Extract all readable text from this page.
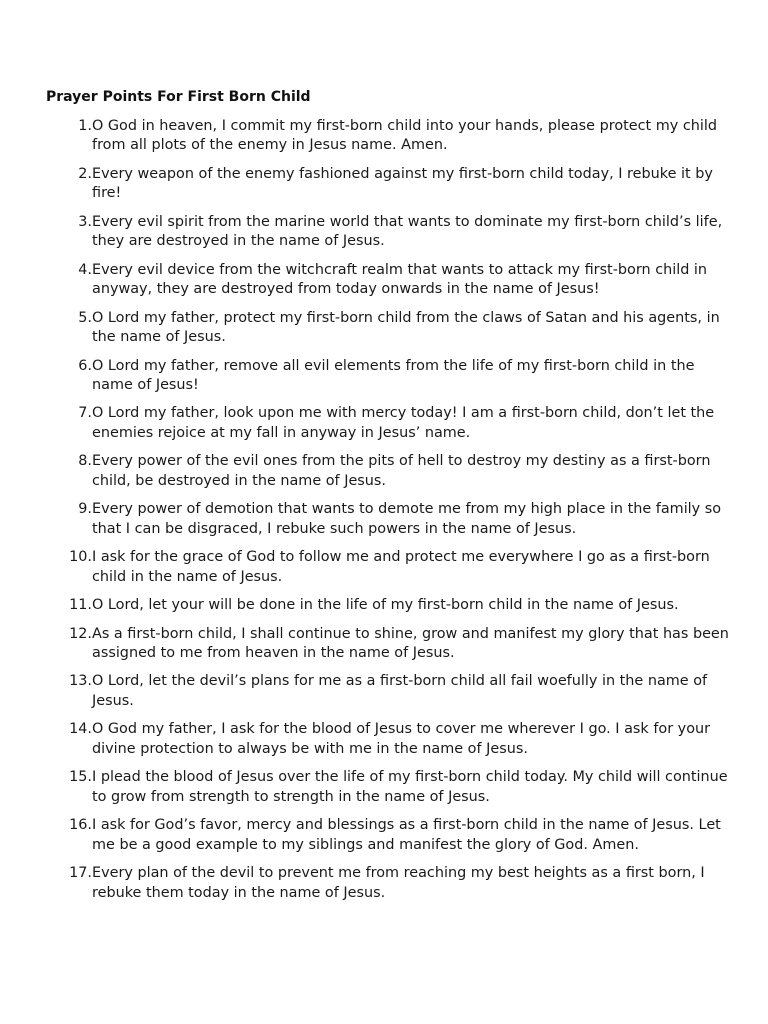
Prayer Points For First Born Child
1. O God in heaven, I commit my first-born child into your hands, please protect my child from all plots of the enemy in Jesus name. Amen.
2. Every weapon of the enemy fashioned against my first-born child today, I rebuke it by fire!
3. Every evil spirit from the marine world that wants to dominate my first-born child’s life, they are destroyed in the name of Jesus.
4. Every evil device from the witchcraft realm that wants to attack my first-born child in anyway, they are destroyed from today onwards in the name of Jesus!
5. O Lord my father, protect my first-born child from the claws of Satan and his agents, in the name of Jesus.
6. O Lord my father, remove all evil elements from the life of my first-born child in the name of Jesus!
7. O Lord my father, look upon me with mercy today! I am a first-born child, don’t let the enemies rejoice at my fall in anyway in Jesus’ name.
8. Every power of the evil ones from the pits of hell to destroy my destiny as a first-born child, be destroyed in the name of Jesus.
9. Every power of demotion that wants to demote me from my high place in the family so that I can be disgraced, I rebuke such powers in the name of Jesus.
10. I ask for the grace of God to follow me and protect me everywhere I go as a first-born child in the name of Jesus.
11. O Lord, let your will be done in the life of my first-born child in the name of Jesus.
12. As a first-born child, I shall continue to shine, grow and manifest my glory that has been assigned to me from heaven in the name of Jesus.
13. O Lord, let the devil’s plans for me as a first-born child all fail woefully in the name of Jesus.
14. O God my father, I ask for the blood of Jesus to cover me wherever I go. I ask for your divine protection to always be with me in the name of Jesus.
15. I plead the blood of Jesus over the life of my first-born child today. My child will continue to grow from strength to strength in the name of Jesus.
16. I ask for God’s favor, mercy and blessings as a first-born child in the name of Jesus. Let me be a good example to my siblings and manifest the glory of God. Amen.
17. Every plan of the devil to prevent me from reaching my best heights as a first born, I rebuke them today in the name of Jesus.
